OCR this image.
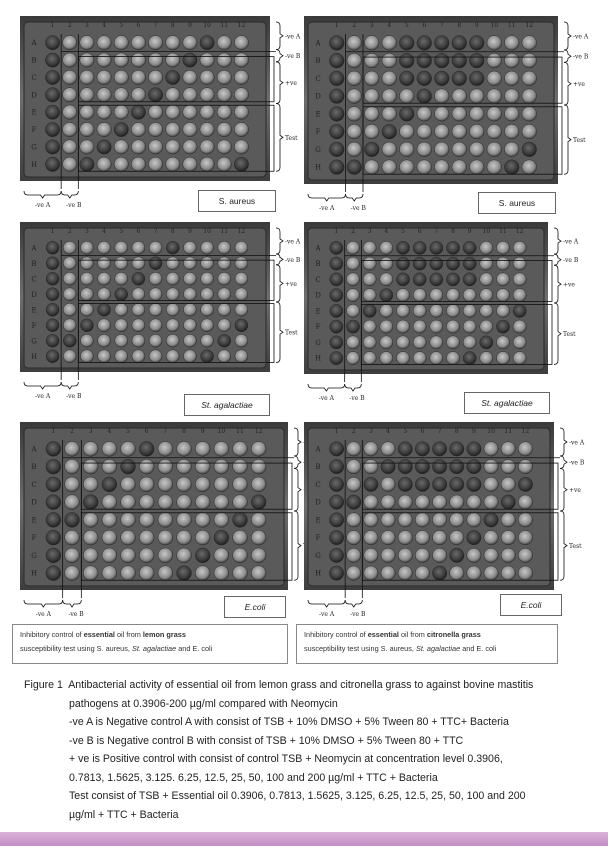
1 2 3 4 5 6 7 8 9 10 11 12
A
B
C
D
E
F
G
H
-ve A
-ve B
+ve
Test
-ve A	-ve B	S. aureus
1 2 3 4 5 6 7 8 9 10 11 12
A
B
C
D
E
F
G
H
-ve A
-ve B
+ve
Test
-ve A	-ve B
S. aureus
1 2 3 4 5 6 7 8 9 10 11 12
A
B
C
D
E
F
G
H
-ve A
-ve B
+ve
Test
-ve A	-ve B
St. agalactiae
1 2 3 4 5 6 7 8 9 10 11 12
A
B
C
D
E
F
G
H
-ve A
-ve B
+ve
Test
-ve A	-ve B	St. agalactiae
1 2 3 4 5 6 7 8 9 10 11 12
A
B
C
D
E
F
G
H
-ve A	-ve B
E.coli
1 2 3 4 5 6 7 8 9 10 11 12
A
B
C
D
E
F
G
H
-ve A
-ve B
+ve
Test
-ve A	-ve B
E.coli
Inhibitory control of essential oil from lemon grass
susceptibility test using S. aureus, St. agalactiae and E. coli
Inhibitory control of essential oil from citronella grass
susceptibility test using S. aureus, St. agalactiae and E. coli
Figure 1 Antibacterial activity of essential oil from lemon grass and citronella grass to against bovine mastitis
pathogens at 0.3906-200 µg/ml compared with Neomycin
-ve A is Negative control A with consist of TSB + 10% DMSO + 5% Tween 80 + TTC+ Bacteria
-ve B is Negative control B with consist of TSB + 10% DMSO + 5% Tween 80 + TTC
+ ve is Positive control with consist of control TSB + Neomycin at concentration level 0.3906,
0.7813, 1.5625, 3.125. 6.25, 12.5, 25, 50, 100 and 200 µg/ml + TTC + Bacteria
Test consist of TSB + Essential oil 0.3906, 0.7813, 1.5625, 3.125, 6.25, 12.5, 25, 50, 100 and 200
µg/ml + TTC + Bacteria
